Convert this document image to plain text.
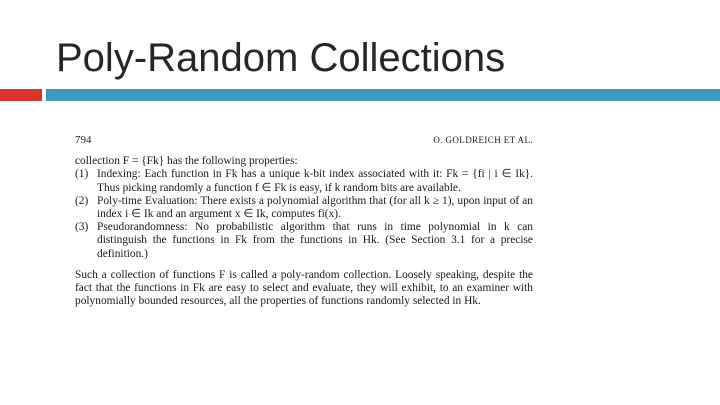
Poly-Random Collections
794	O. GOLDREICH ET AL.

collection F = {Fk} has the following properties:

(1) Indexing: Each function in Fk has a unique k-bit index associated with it: Fk = {fi | i ∈ Ik}. Thus picking randomly a function f ∈ Fk is easy, if k random bits are available.
(2) Poly-time Evaluation: There exists a polynomial algorithm that (for all k ≥ 1), upon input of an index i ∈ Ik and an argument x ∈ Ik, computes fi(x).
(3) Pseudorandomness: No probabilistic algorithm that runs in time polynomial in k can distinguish the functions in Fk from the functions in Hk. (See Section 3.1 for a precise definition.)

Such a collection of functions F is called a poly-random collection. Loosely speaking, despite the fact that the functions in Fk are easy to select and evaluate, they will exhibit, to an examiner with polynomially bounded resources, all the properties of functions randomly selected in Hk.
